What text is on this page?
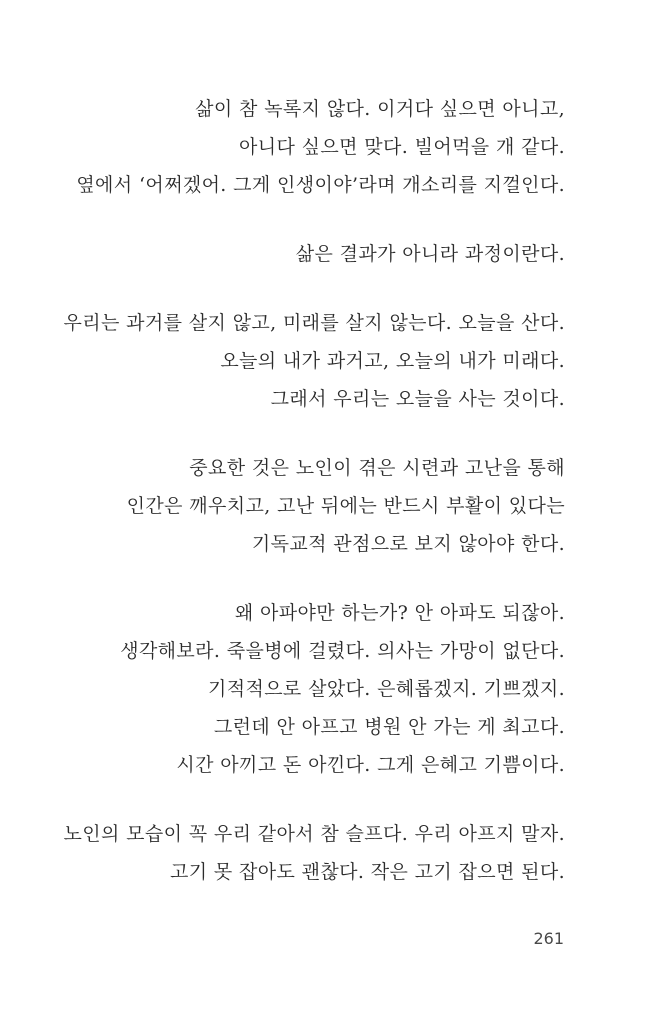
삶이 참 녹록지 않다. 이거다 싶으면 아니고,
아니다 싶으면 맞다. 빌어먹을 개 같다.
옆에서 ‘어쩌겠어. 그게 인생이야’라며 개소리를 지껄인다.

삶은 결과가 아니라 과정이란다.

우리는 과거를 살지 않고, 미래를 살지 않는다. 오늘을 산다.
오늘의 내가 과거고, 오늘의 내가 미래다.
그래서 우리는 오늘을 사는 것이다.

중요한 것은 노인이 겪은 시련과 고난을 통해
인간은 깨우치고, 고난 뒤에는 반드시 부활이 있다는
기독교적 관점으로 보지 않아야 한다.

왜 아파야만 하는가? 안 아파도 되잖아.
생각해보라. 죽을병에 걸렸다. 의사는 가망이 없단다.
기적적으로 살았다. 은혜롭겠지. 기쁘겠지.
그런데 안 아프고 병원 안 가는 게 최고다.
시간 아끼고 돈 아낀다. 그게 은혜고 기쁨이다.

노인의 모습이 꼭 우리 같아서 참 슬프다. 우리 아프지 말자.
고기 못 잡아도 괜찮다. 작은 고기 잡으면 된다.

261
